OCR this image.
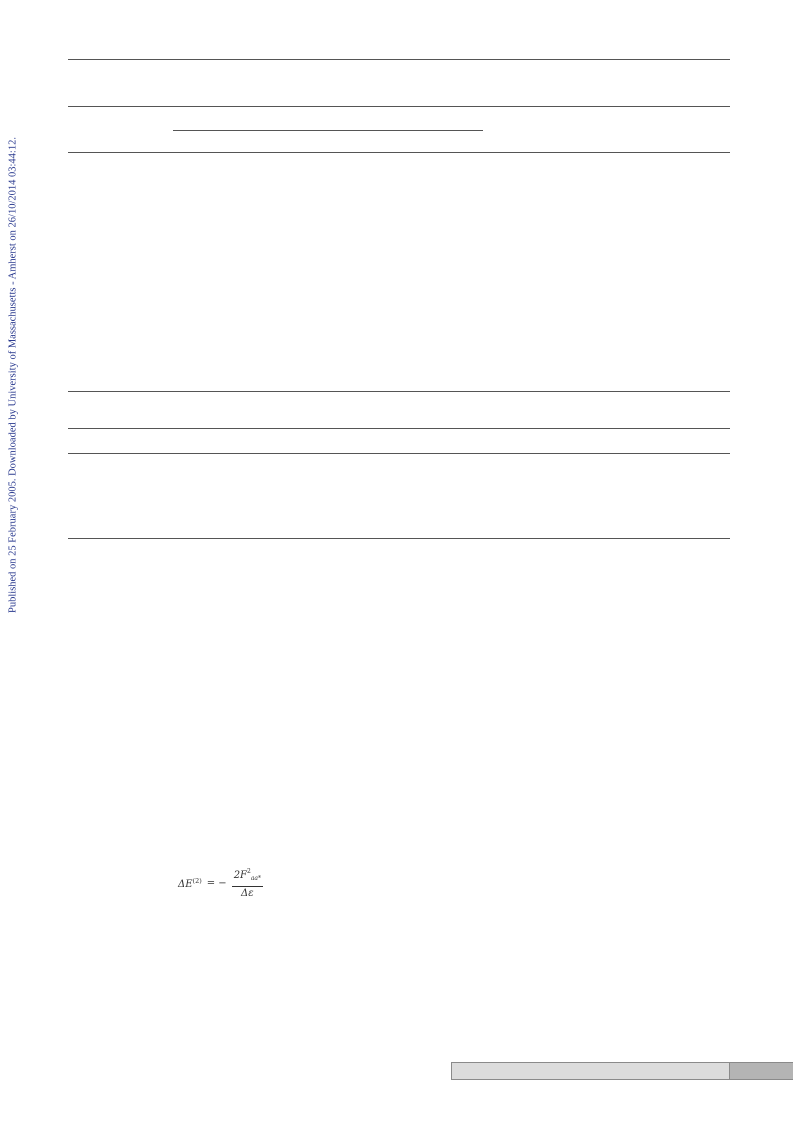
Published on 25 February 2005. Downloaded by University of Massachusetts - Amherst on 26/10/2014 03:44:12.
$\Delta E^{(2)}$ = − $\frac{2F^2_{aa*}}{\Delta\varepsilon}$
